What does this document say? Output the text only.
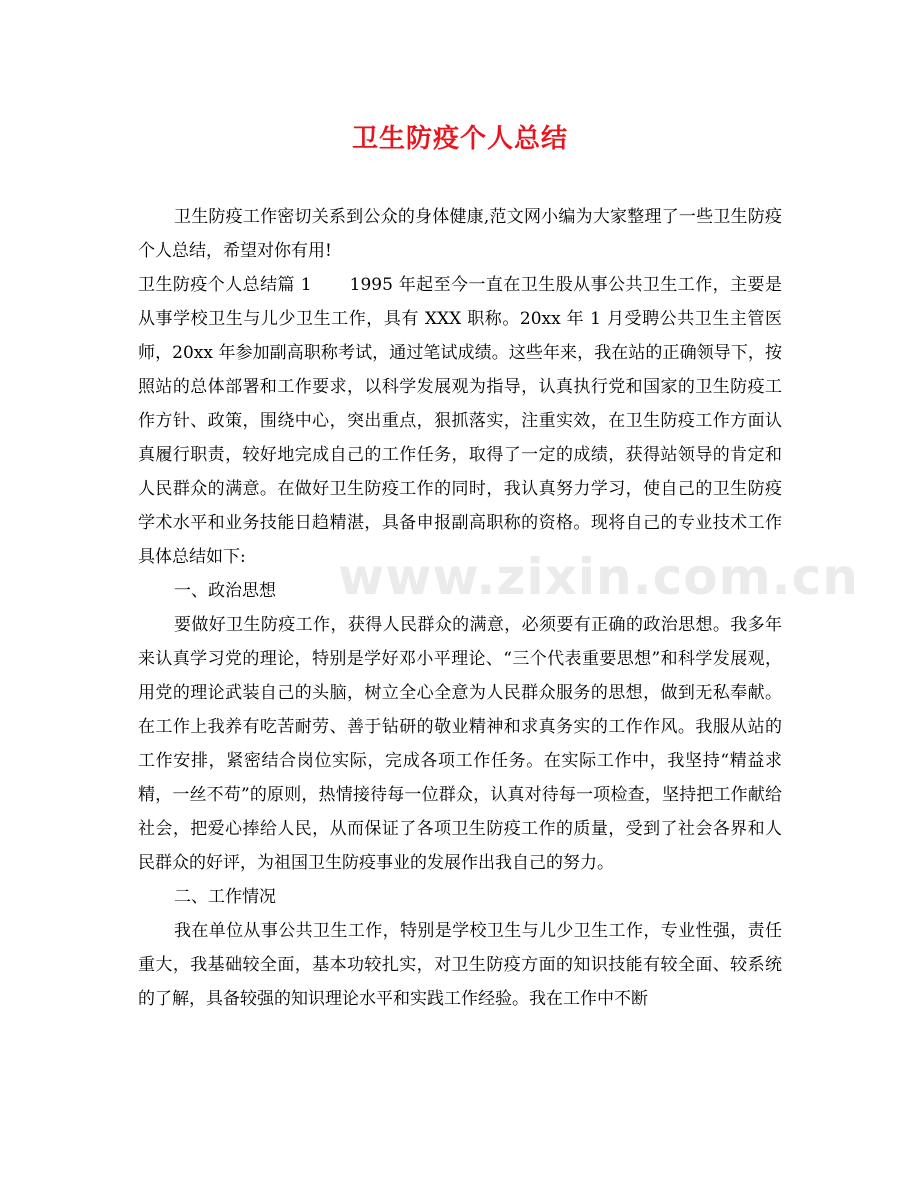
www.zixin.com.cn
卫生防疫个人总结

卫生防疫工作密切关系到公众的身体健康,范文网小编为大家整理了一些卫生防疫个人总结，希望对你有用!

卫生防疫个人总结篇 1 1995 年起至今一直在卫生股从事公共卫生工作，主要是从事学校卫生与儿少卫生工作，具有 XXX 职称。20xx 年 1 月受聘公共卫生主管医师，20xx 年参加副高职称考试，通过笔试成绩。这些年来，我在站的正确领导下，按照站的总体部署和工作要求，以科学发展观为指导，认真执行党和国家的卫生防疫工作方针、政策，围绕中心，突出重点，狠抓落实，注重实效，在卫生防疫工作方面认真履行职责，较好地完成自己的工作任务，取得了一定的成绩，获得站领导的肯定和人民群众的满意。在做好卫生防疫工作的同时，我认真努力学习，使自己的卫生防疫学术水平和业务技能日趋精湛，具备申报副高职称的资格。现将自己的专业技术工作具体总结如下:

一、政治思想

要做好卫生防疫工作，获得人民群众的满意，必须要有正确的政治思想。我多年来认真学习党的理论，特别是学好邓小平理论、“三个代表重要思想”和科学发展观，用党的理论武装自己的头脑，树立全心全意为人民群众服务的思想，做到无私奉献。在工作上我养有吃苦耐劳、善于钻研的敬业精神和求真务实的工作作风。我服从站的工作安排，紧密结合岗位实际，完成各项工作任务。在实际工作中，我坚持“精益求精，一丝不苟”的原则，热情接待每一位群众，认真对待每一项检查，坚持把工作献给社会，把爱心捧给人民，从而保证了各项卫生防疫工作的质量，受到了社会各界和人民群众的好评，为祖国卫生防疫事业的发展作出我自己的努力。

二、工作情况

我在单位从事公共卫生工作，特别是学校卫生与儿少卫生工作，专业性强，责任重大，我基础较全面，基本功较扎实，对卫生防疫方面的知识技能有较全面、较系统的了解，具备较强的知识理论水平和实践工作经验。我在工作中不断
